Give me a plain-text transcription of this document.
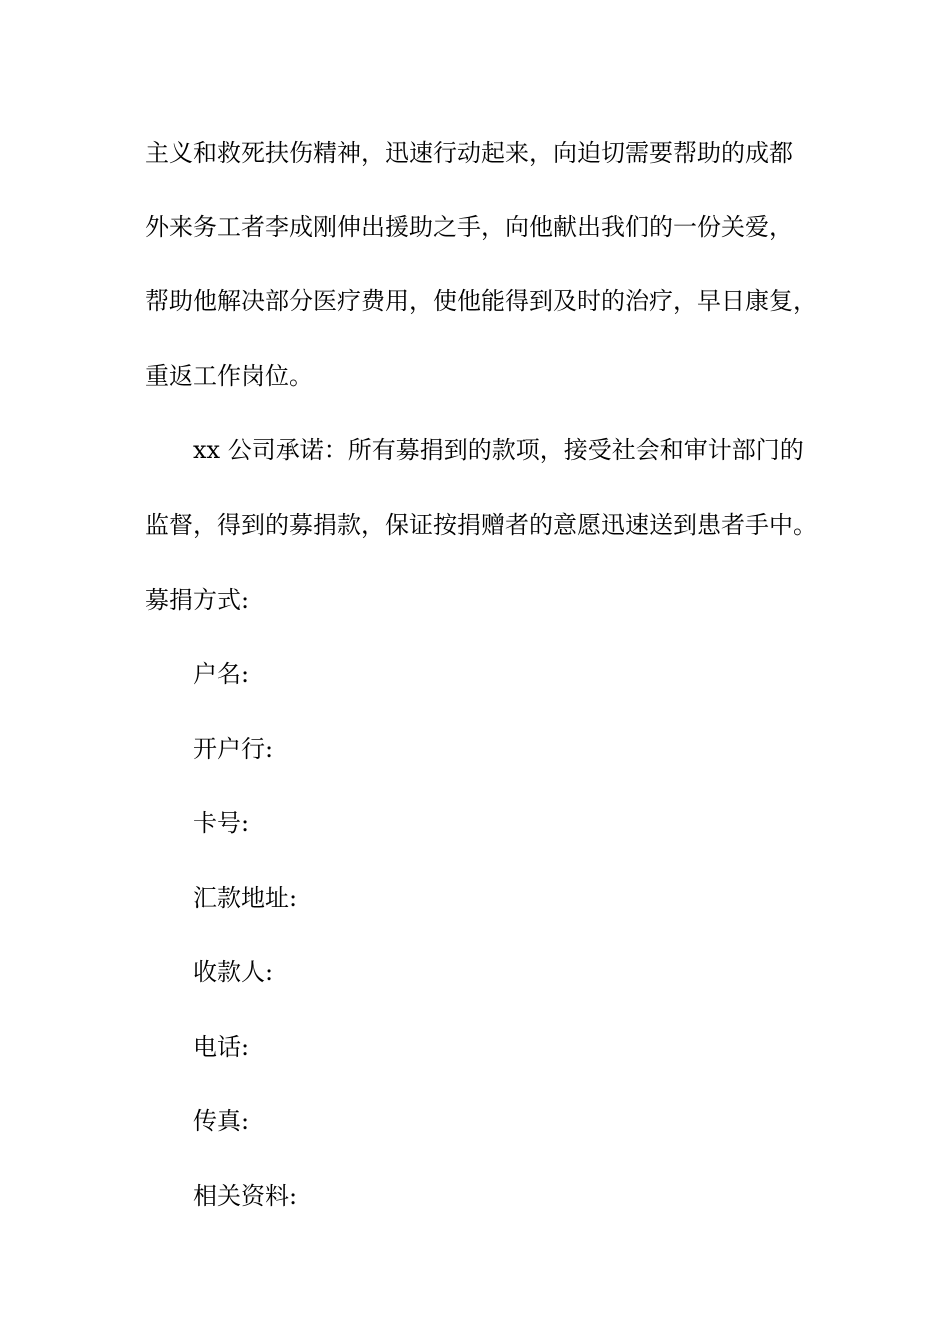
主义和救死扶伤精神，迅速行动起来，向迫切需要帮助的成都
外来务工者李成刚伸出援助之手，向他献出我们的一份关爱，
帮助他解决部分医疗费用，使他能得到及时的治疗，早日康复，
重返工作岗位。
xx 公司承诺：所有募捐到的款项，接受社会和审计部门的
监督，得到的募捐款，保证按捐赠者的意愿迅速送到患者手中。
募捐方式:
户名:
开户行:
卡号:
汇款地址:
收款人:
电话:
传真:
相关资料:
